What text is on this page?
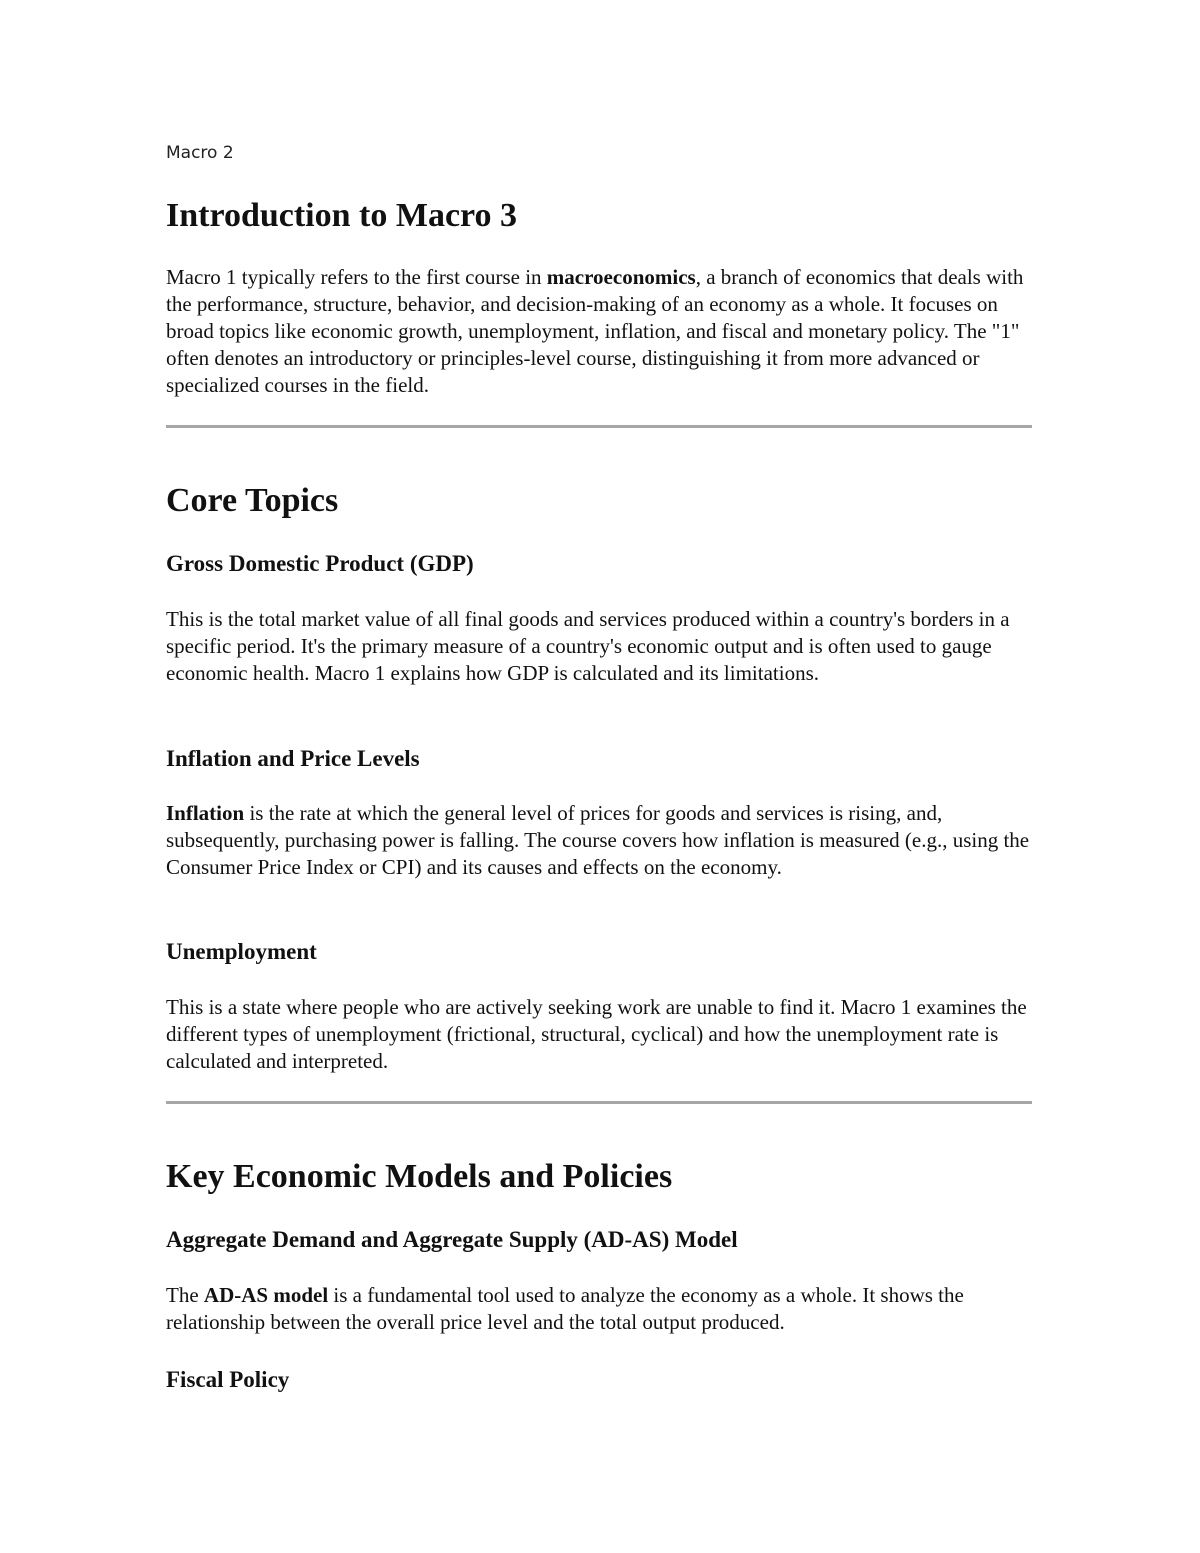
Macro 2
Introduction to Macro 3

Macro 1 typically refers to the first course in macroeconomics, a branch of economics that deals with the performance, structure, behavior, and decision-making of an economy as a whole. It focuses on broad topics like economic growth, unemployment, inflation, and fiscal and monetary policy. The "1" often denotes an introductory or principles-level course, distinguishing it from more advanced or specialized courses in the field.

Core Topics
Gross Domestic Product (GDP)

This is the total market value of all final goods and services produced within a country's borders in a specific period. It's the primary measure of a country's economic output and is often used to gauge economic health. Macro 1 explains how GDP is calculated and its limitations.

Inflation and Price Levels

Inflation is the rate at which the general level of prices for goods and services is rising, and, subsequently, purchasing power is falling. The course covers how inflation is measured (e.g., using the Consumer Price Index or CPI) and its causes and effects on the economy.

Unemployment

This is a state where people who are actively seeking work are unable to find it. Macro 1 examines the different types of unemployment (frictional, structural, cyclical) and how the unemployment rate is calculated and interpreted.

Key Economic Models and Policies
Aggregate Demand and Aggregate Supply (AD-AS) Model

The AD-AS model is a fundamental tool used to analyze the economy as a whole. It shows the relationship between the overall price level and the total output produced.

Fiscal Policy
